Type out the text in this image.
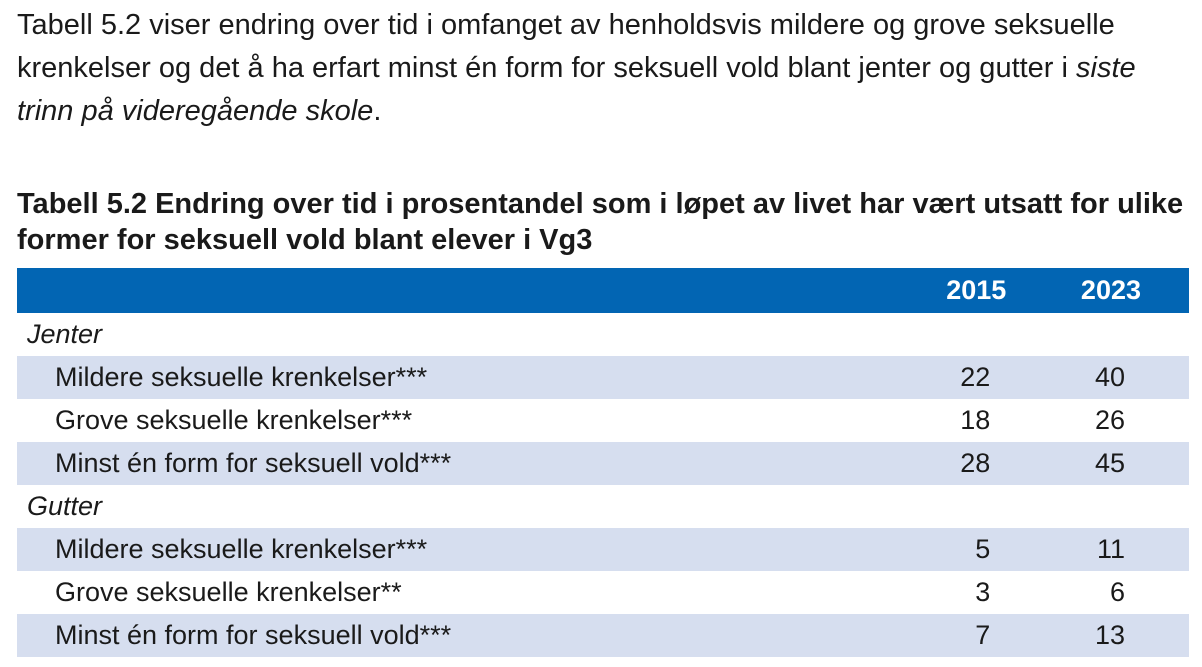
Tabell 5.2 viser endring over tid i omfanget av henholdsvis mildere og grove seksuelle krenkelser og det å ha erfart minst én form for seksuell vold blant jenter og gutter i siste trinn på videregående skole.

Tabell 5.2 Endring over tid i prosentandel som i løpet av livet har vært utsatt for ulike former for seksuell vold blant elever i Vg3
	2015	2023
Jenter		
Mildere seksuelle krenkelser***	22	40
Grove seksuelle krenkelser***	18	26
Minst én form for seksuell vold***	28	45
Gutter		
Mildere seksuelle krenkelser***	5	11
Grove seksuelle krenkelser**	3	6
Minst én form for seksuell vold***	7	13
